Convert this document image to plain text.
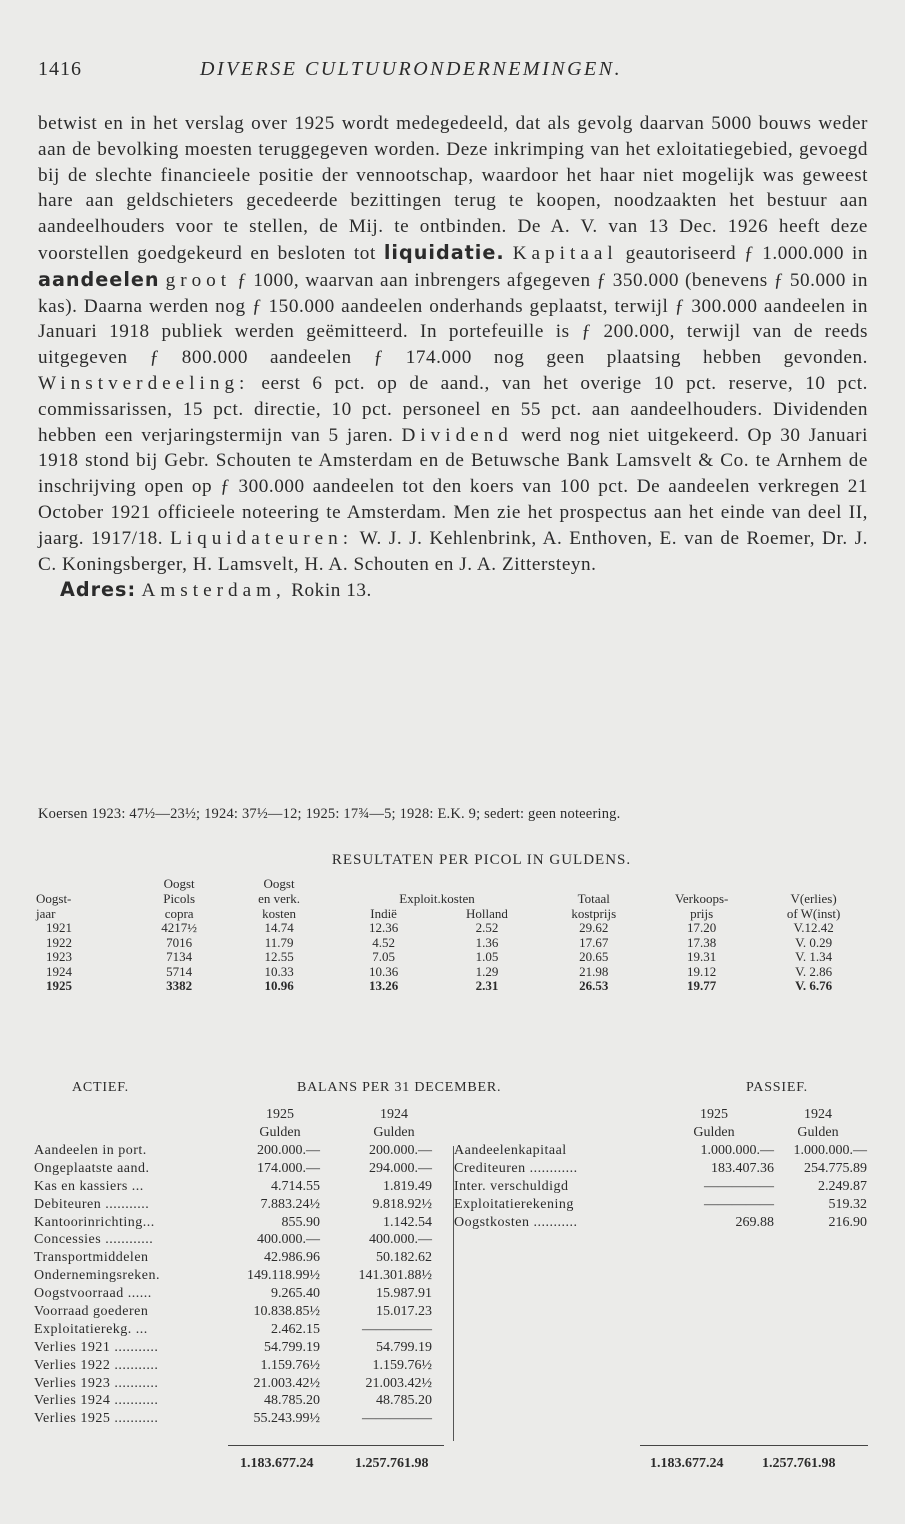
1416	DIVERSE CULTUURONDERNEMINGEN.

betwist en in het verslag over 1925 wordt medegedeeld, dat als gevolg daarvan 5000 bouws weder aan de bevolking moesten teruggegeven worden. Deze inkrimping van het exloitatiegebied, gevoegd bij de slechte financieele positie der vennootschap, waardoor het haar niet mogelijk was geweest hare aan geldschieters gecedeerde bezittingen terug te koopen, noodzaakten het bestuur aan aandeelhouders voor te stellen, de Mij. te ontbinden. De A. V. van 13 Dec. 1926 heeft deze voorstellen goedgekeurd en besloten tot liquidatie. Kapitaal geautoriseerd ƒ 1.000.000 in aandeelen groot ƒ 1000, waarvan aan inbrengers afgegeven ƒ 350.000 (benevens ƒ 50.000 in kas). Daarna werden nog ƒ 150.000 aandeelen onderhands geplaatst, terwijl ƒ 300.000 aandeelen in Januari 1918 publiek werden geëmitteerd. In portefeuille is ƒ 200.000, terwijl van de reeds uitgegeven ƒ 800.000 aandeelen ƒ 174.000 nog geen plaatsing hebben gevonden. Winstverdeeling: eerst 6 pct. op de aand., van het overige 10 pct. reserve, 10 pct. commissarissen, 15 pct. directie, 10 pct. personeel en 55 pct. aan aandeelhouders. Dividenden hebben een verjaringstermijn van 5 jaren. Dividend werd nog niet uitgekeerd. Op 30 Januari 1918 stond bij Gebr. Schouten te Amsterdam en de Betuwsche Bank Lamsvelt & Co. te Arnhem de inschrijving open op ƒ 300.000 aandeelen tot den koers van 100 pct. De aandeelen verkregen 21 October 1921 officieele noteering te Amsterdam. Men zie het prospectus aan het einde van deel II, jaarg. 1917/18. Liquidateuren: W. J. J. Kehlenbrink, A. Enthoven, E. van de Roemer, Dr. J. C. Koningsberger, H. Lamsvelt, H. A. Schouten en J. A. Zittersteyn.

Adres: Amsterdam, Rokin 13.

Koersen 1923: 47½—23½; 1924: 37½—12; 1925: 17¾—5; 1928: E.K. 9; sedert: geen noteering.
RESULTATEN PER PICOL IN GULDENS.
	Oogst	Oogst					
Oogst-	Picols	en verk.	Exploit.kosten		Totaal	Verkoops-	V(erlies)
jaar	copra	kosten	Indië	Holland	kostprijs	prijs	of W(inst)
1921	4217½	14.74	12.36	2.52	29.62	17.20	V.12.42
1922	7016	11.79	4.52	1.36	17.67	17.38	V. 0.29
1923	7134	12.55	7.05	1.05	20.65	19.31	V. 1.34
1924	5714	10.33	10.36	1.29	21.98	19.12	V. 2.86
1925	3382	10.96	13.26	2.31	26.53	19.77	V. 6.76
ACTIEF.	BALANS PER 31 DECEMBER.	PASSIEF.
1925
Gulden
1924
Gulden
Aandeelen in port.	200.000.—	200.000.—
Ongeplaatste aand.	174.000.—	294.000.—
Kas en kassiers ...	4.714.55	1.819.49
Debiteuren ...........	7.883.24½	9.818.92½
Kantoorinrichting...	855.90	1.142.54
Concessies ............	400.000.—	400.000.—
Transportmiddelen	42.986.96	50.182.62
Ondernemingsreken.	149.118.99½	141.301.88½
Oogstvoorraad ......	9.265.40	15.987.91
Voorraad goederen	10.838.85½	15.017.23
Exploitatierekg. ...	2.462.15	—————
Verlies 1921 ...........	54.799.19	54.799.19
Verlies 1922 ...........	1.159.76½	1.159.76½
Verlies 1923 ...........	21.003.42½	21.003.42½
Verlies 1924 ...........	48.785.20	48.785.20
Verlies 1925 ...........	55.243.99½	—————
1925
Gulden
1924
Gulden
Aandeelenkapitaal	1.000.000.— 1.000.000.—
Crediteuren ............	183.407.36 254.775.89
Inter. verschuldigd	—————	2.249.87
Exploitatierekening	—————	519.32
Oogstkosten ...........	269.88	216.90
1.183.677.24	1.257.761.98	1.183.677.24	1.257.761.98
